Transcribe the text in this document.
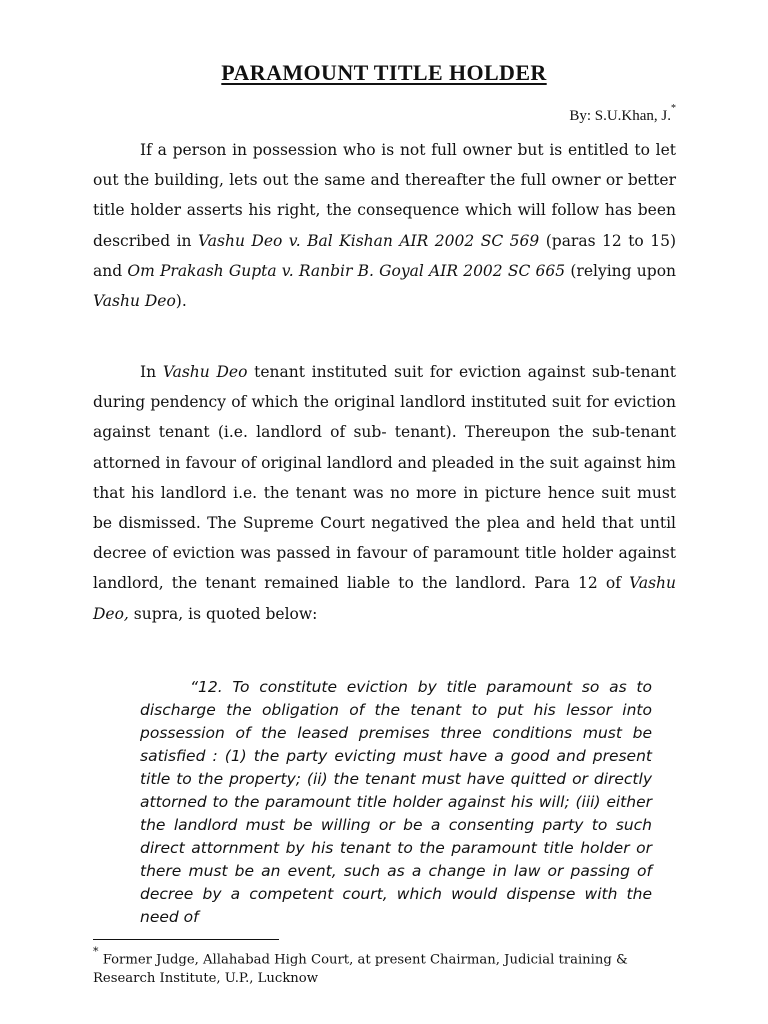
PARAMOUNT TITLE HOLDER
By: S.U.Khan, J.*

If a person in possession who is not full owner but is entitled to let out the building, lets out the same and thereafter the full owner or better title holder asserts his right, the consequence which will follow has been described in Vashu Deo v. Bal Kishan AIR 2002 SC 569 (paras 12 to 15) and Om Prakash Gupta v. Ranbir B. Goyal AIR 2002 SC 665 (relying upon Vashu Deo).

In Vashu Deo tenant instituted suit for eviction against sub-tenant during pendency of which the original landlord instituted suit for eviction against tenant (i.e. landlord of sub- tenant). Thereupon the sub-tenant attorned in favour of original landlord and pleaded in the suit against him that his landlord i.e. the tenant was no more in picture hence suit must be dismissed. The Supreme Court negatived the plea and held that until decree of eviction was passed in favour of paramount title holder against landlord, the tenant remained liable to the landlord. Para 12 of Vashu Deo, supra, is quoted below:

“12. To constitute eviction by title paramount so as to discharge the obligation of the tenant to put his lessor into possession of the leased premises three conditions must be satisfied : (1) the party evicting must have a good and present title to the property; (ii) the tenant must have quitted or directly attorned to the paramount title holder against his will; (iii) either the landlord must be willing or be a consenting party to such direct attornment by his tenant to the paramount title holder or there must be an event, such as a change in law or passing of decree by a competent court, which would dispense with the need of

* Former Judge, Allahabad High Court, at present Chairman, Judicial training & Research Institute, U.P., Lucknow
